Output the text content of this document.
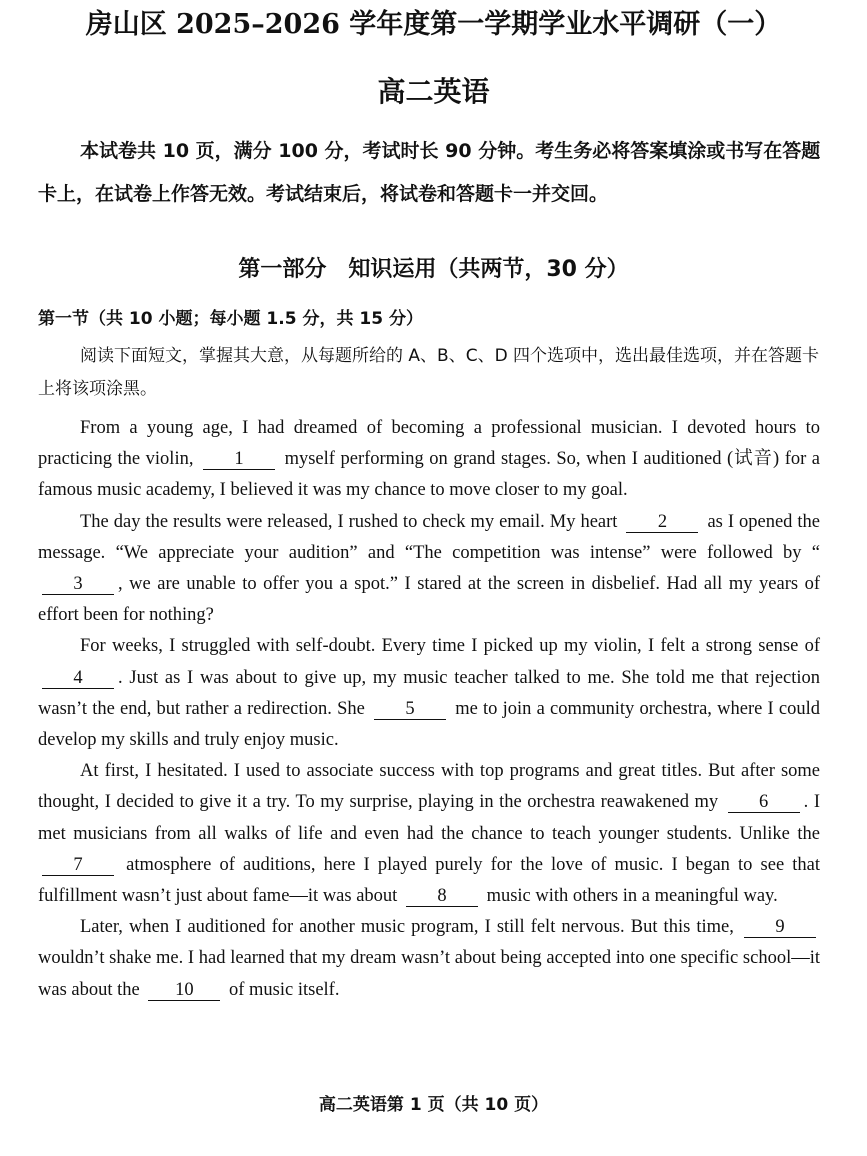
房山区 2025–2026 学年度第一学期学业水平调研（一）
高二英语
本试卷共 10 页，满分 100 分，考试时长 90 分钟。考生务必将答案填涂或书写在答题卡上，在试卷上作答无效。考试结束后，将试卷和答题卡一并交回。
第一部分　知识运用（共两节，30 分）
第一节（共 10 小题；每小题 1.5 分，共 15 分）
阅读下面短文，掌握其大意，从每题所给的 A、B、C、D 四个选项中，选出最佳选项，并在答题卡上将该项涂黑。

From a young age, I had dreamed of becoming a professional musician. I devoted hours to practicing the violin, 1 myself performing on grand stages. So, when I auditioned (试音) for a famous music academy, I believed it was my chance to move closer to my goal.

The day the results were released, I rushed to check my email. My heart 2 as I opened the message. “We appreciate your audition” and “The competition was intense” were followed by “3 , we are unable to offer you a spot.” I stared at the screen in disbelief. Had all my years of effort been for nothing?

For weeks, I struggled with self-doubt. Every time I picked up my violin, I felt a strong sense of 4 . Just as I was about to give up, my music teacher talked to me. She told me that rejection wasn’t the end, but rather a redirection. She 5 me to join a community orchestra, where I could develop my skills and truly enjoy music.

At first, I hesitated. I used to associate success with top programs and great titles. But after some thought, I decided to give it a try. To my surprise, playing in the orchestra reawakened my 6 . I met musicians from all walks of life and even had the chance to teach younger students. Unlike the 7 atmosphere of auditions, here I played purely for the love of music. I began to see that fulfillment wasn’t just about fame—it was about 8 music with others in a meaningful way.

Later, when I auditioned for another music program, I still felt nervous. But this time, 9 wouldn’t shake me. I had learned that my dream wasn’t about being accepted into one specific school—it was about the 10 of music itself.

高二英语第 1 页（共 10 页）
